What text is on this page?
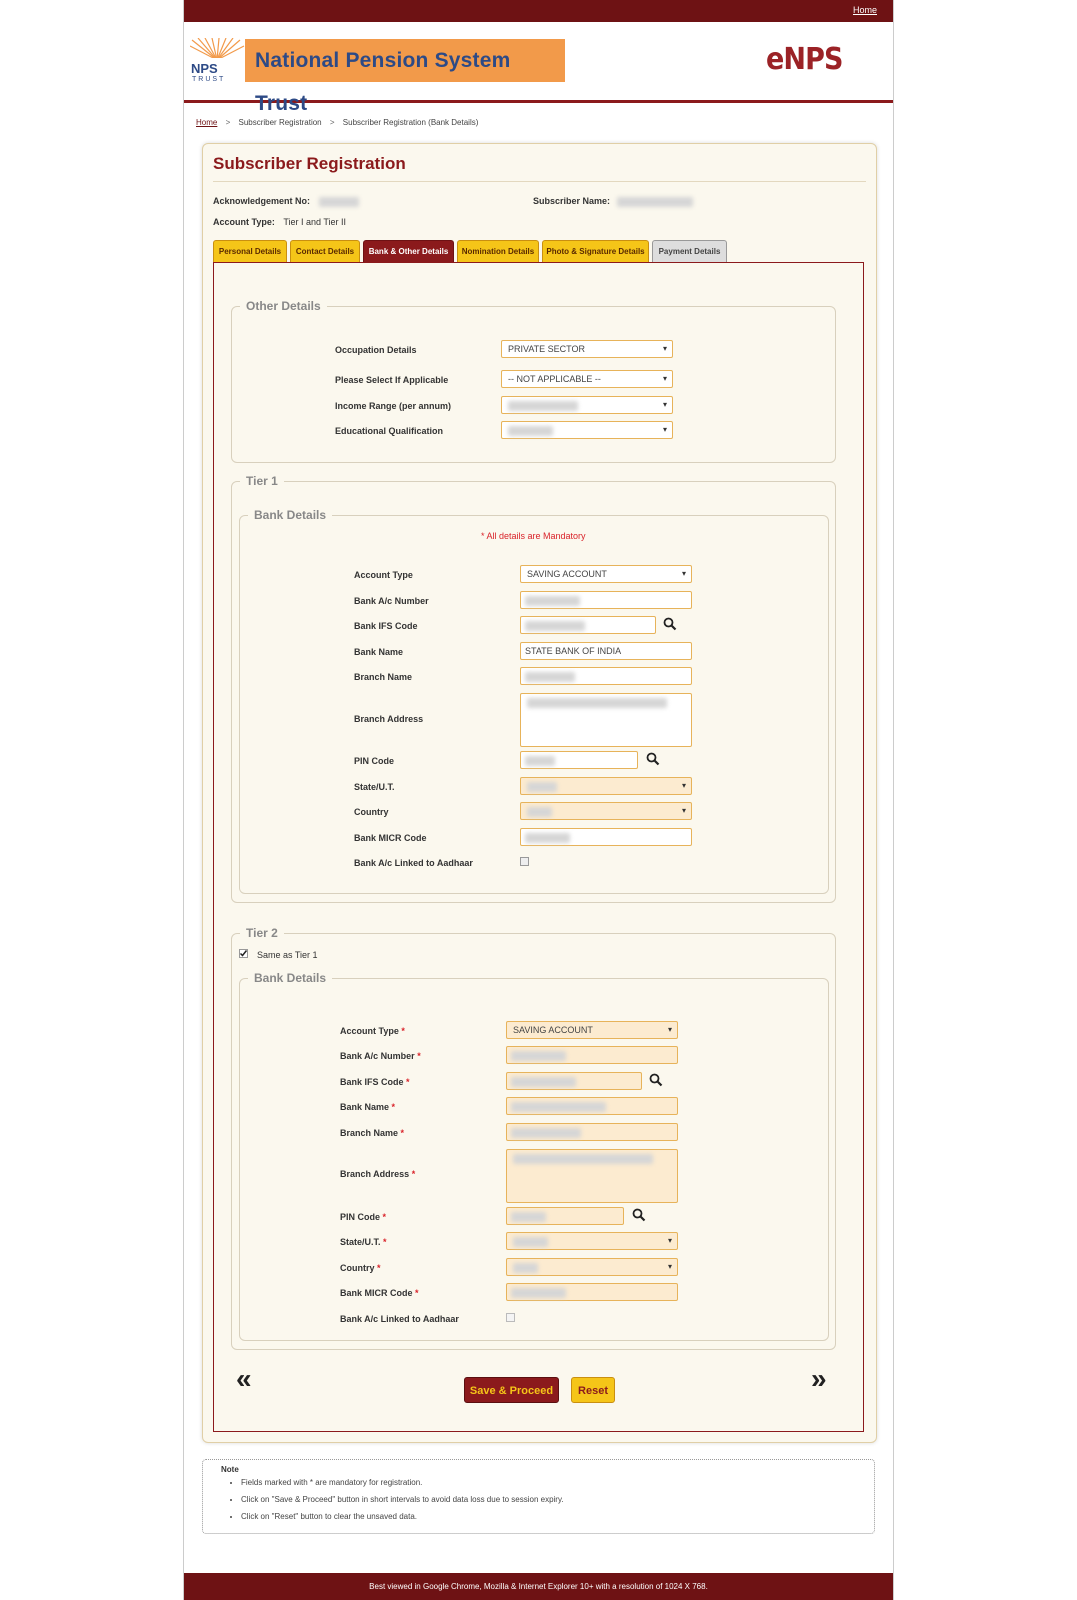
Home
NPS
TRUST
National Pension System Trust
eNPS
Home > Subscriber Registration > Subscriber Registration (Bank Details)
Subscriber Registration
Acknowledgement No:	Subscriber Name:
Account Type: Tier I and Tier II
Personal Details	Contact Details	Bank & Other Details	Nomination Details	Photo & Signature Details	Payment Details
Other Details
Occupation Details	PRIVATE SECTOR	▾
Please Select If Applicable	-- NOT APPLICABLE --	▾
Income Range (per annum)	▾
Educational Qualification	▾
Tier 1
Bank Details
* All details are Mandatory
Account Type	SAVING ACCOUNT	▾
Bank A/c Number
Bank IFS Code
Bank Name	STATE BANK OF INDIA
Branch Name
Branch Address
PIN Code
State/U.T.	▾
Country	▾
Bank MICR Code
Bank A/c Linked to Aadhaar
Tier 2
Same as Tier 1
Bank Details
Account Type *	SAVING ACCOUNT	▾
Bank A/c Number *
Bank IFS Code *
Bank Name *
Branch Name *
Branch Address *
PIN Code *
State/U.T. *	▾
Country *	▾
Bank MICR Code *
Bank A/c Linked to Aadhaar
«	Save & Proceed	Reset	»
Note
• Fields marked with * are mandatory for registration.
• Click on "Save & Proceed" button in short intervals to avoid data loss due to session expiry.
• Click on "Reset" button to clear the unsaved data.
Best viewed in Google Chrome, Mozilla & Internet Explorer 10+ with a resolution of 1024 X 768.
